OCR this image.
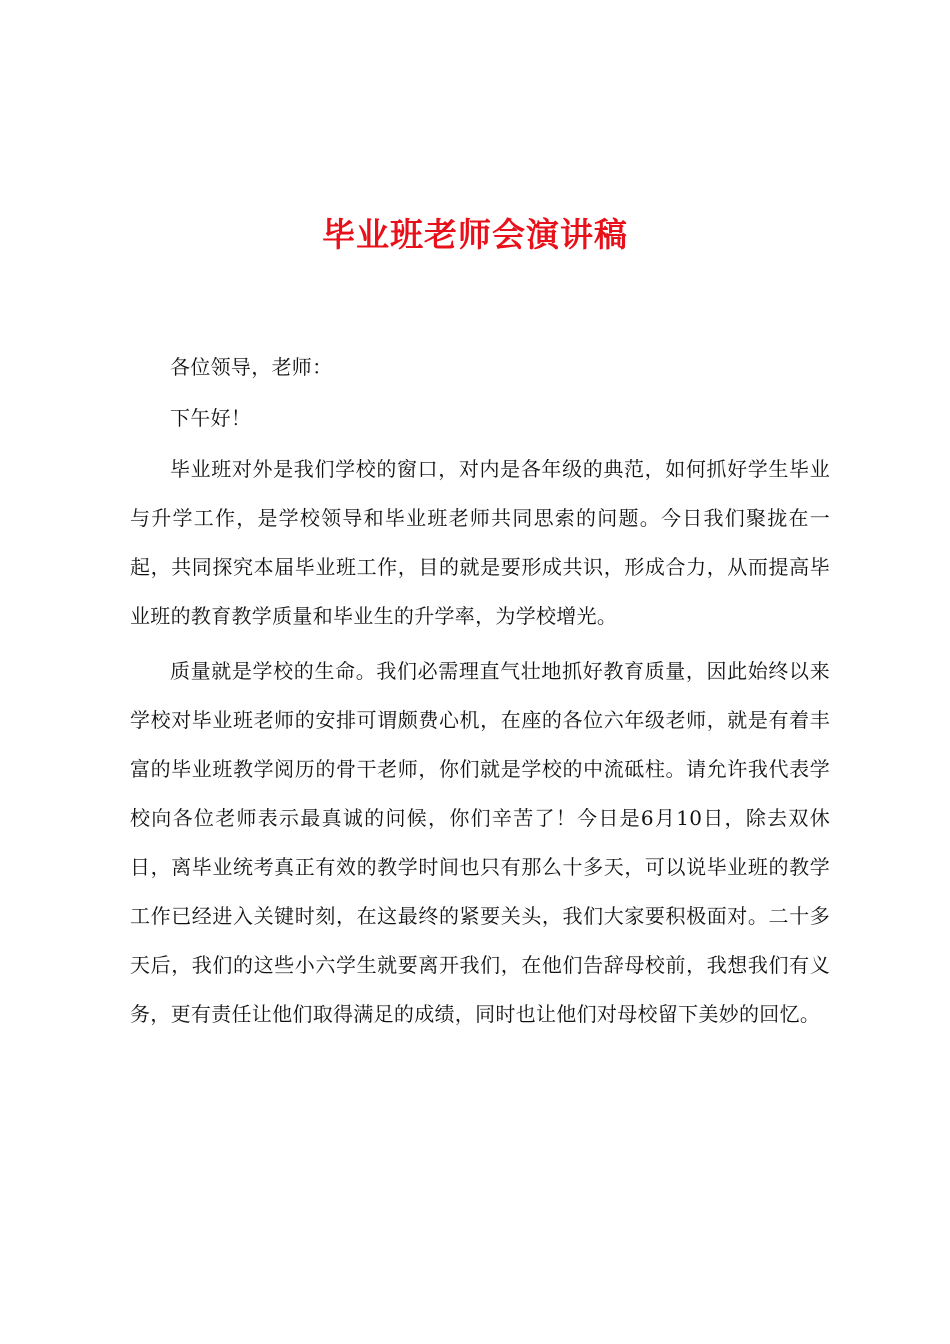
毕业班老师会演讲稿

各位领导，老师：

下午好！

毕业班对外是我们学校的窗口，对内是各年级的典范，如何抓好学生毕业与升学工作，是学校领导和毕业班老师共同思索的问题。今日我们聚拢在一起，共同探究本届毕业班工作，目的就是要形成共识，形成合力，从而提高毕业班的教育教学质量和毕业生的升学率，为学校增光。

质量就是学校的生命。我们必需理直气壮地抓好教育质量，因此始终以来学校对毕业班老师的安排可谓颇费心机，在座的各位六年级老师，就是有着丰富的毕业班教学阅历的骨干老师，你们就是学校的中流砥柱。请允许我代表学校向各位老师表示最真诚的问候，你们辛苦了！今日是6月10日，除去双休日，离毕业统考真正有效的教学时间也只有那么十多天，可以说毕业班的教学工作已经进入关键时刻，在这最终的紧要关头，我们大家要积极面对。二十多天后，我们的这些小六学生就要离开我们，在他们告辞母校前，我想我们有义务，更有责任让他们取得满足的成绩，同时也让他们对母校留下美妙的回忆。
